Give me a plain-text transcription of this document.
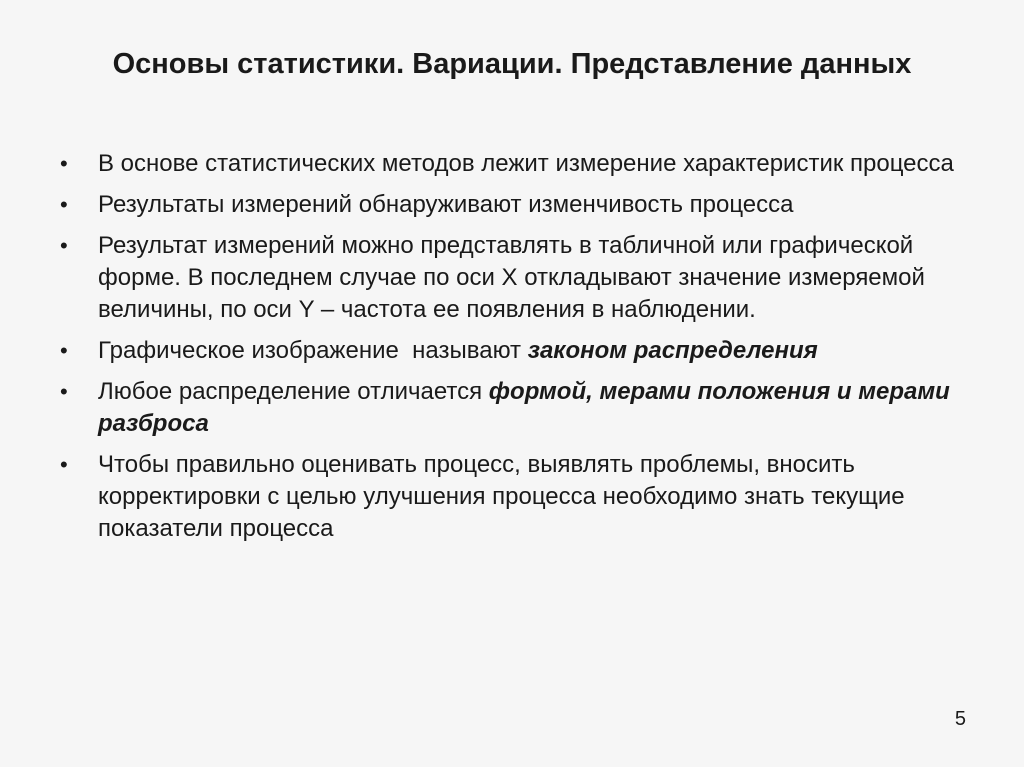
Основы статистики. Вариации. Представление данных
• В основе статистических методов лежит измерение характеристик процесса
• Результаты измерений обнаруживают изменчивость процесса
• Результат измерений можно представлять в табличной или графической форме. В последнем случае по оси X откладывают значение измеряемой величины, по оси Y – частота ее появления в наблюдении.
• Графическое изображение  называют законом распределения
• Любое распределение отличается формой, мерами положения и мерами разброса
• Чтобы правильно оценивать процесс, выявлять проблемы, вносить корректировки с целью улучшения процесса необходимо знать текущие показатели процесса
5
